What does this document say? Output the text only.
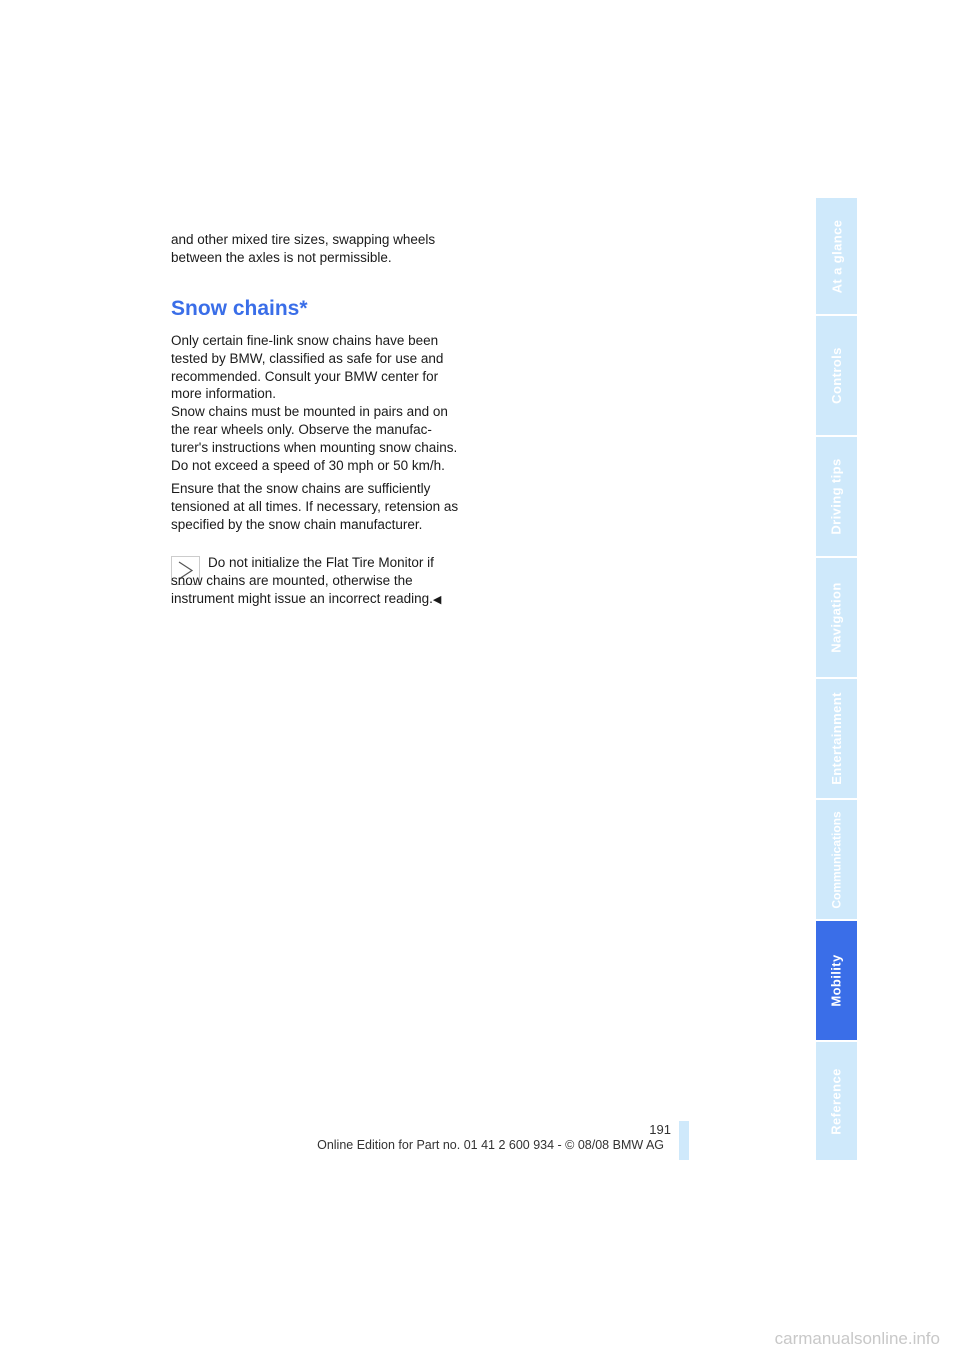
and other mixed tire sizes, swapping wheels between the axles is not permissible.
Snow chains*
Only certain fine-link snow chains have been tested by BMW, classified as safe for use and recommended. Consult your BMW center for more information.
Snow chains must be mounted in pairs and on the rear wheels only. Observe the manufac-turer's instructions when mounting snow chains. Do not exceed a speed of 30 mph or 50 km/h.
Ensure that the snow chains are sufficiently tensioned at all times. If necessary, retension as specified by the snow chain manufacturer.
Do not initialize the Flat Tire Monitor if snow chains are mounted, otherwise the instrument might issue an incorrect reading.◀
At a glance
Controls
Driving tips
Navigation
Entertainment
Communications
Mobility
Reference
191
Online Edition for Part no. 01 41 2 600 934 - © 08/08 BMW AG
carmanualsonline.info
